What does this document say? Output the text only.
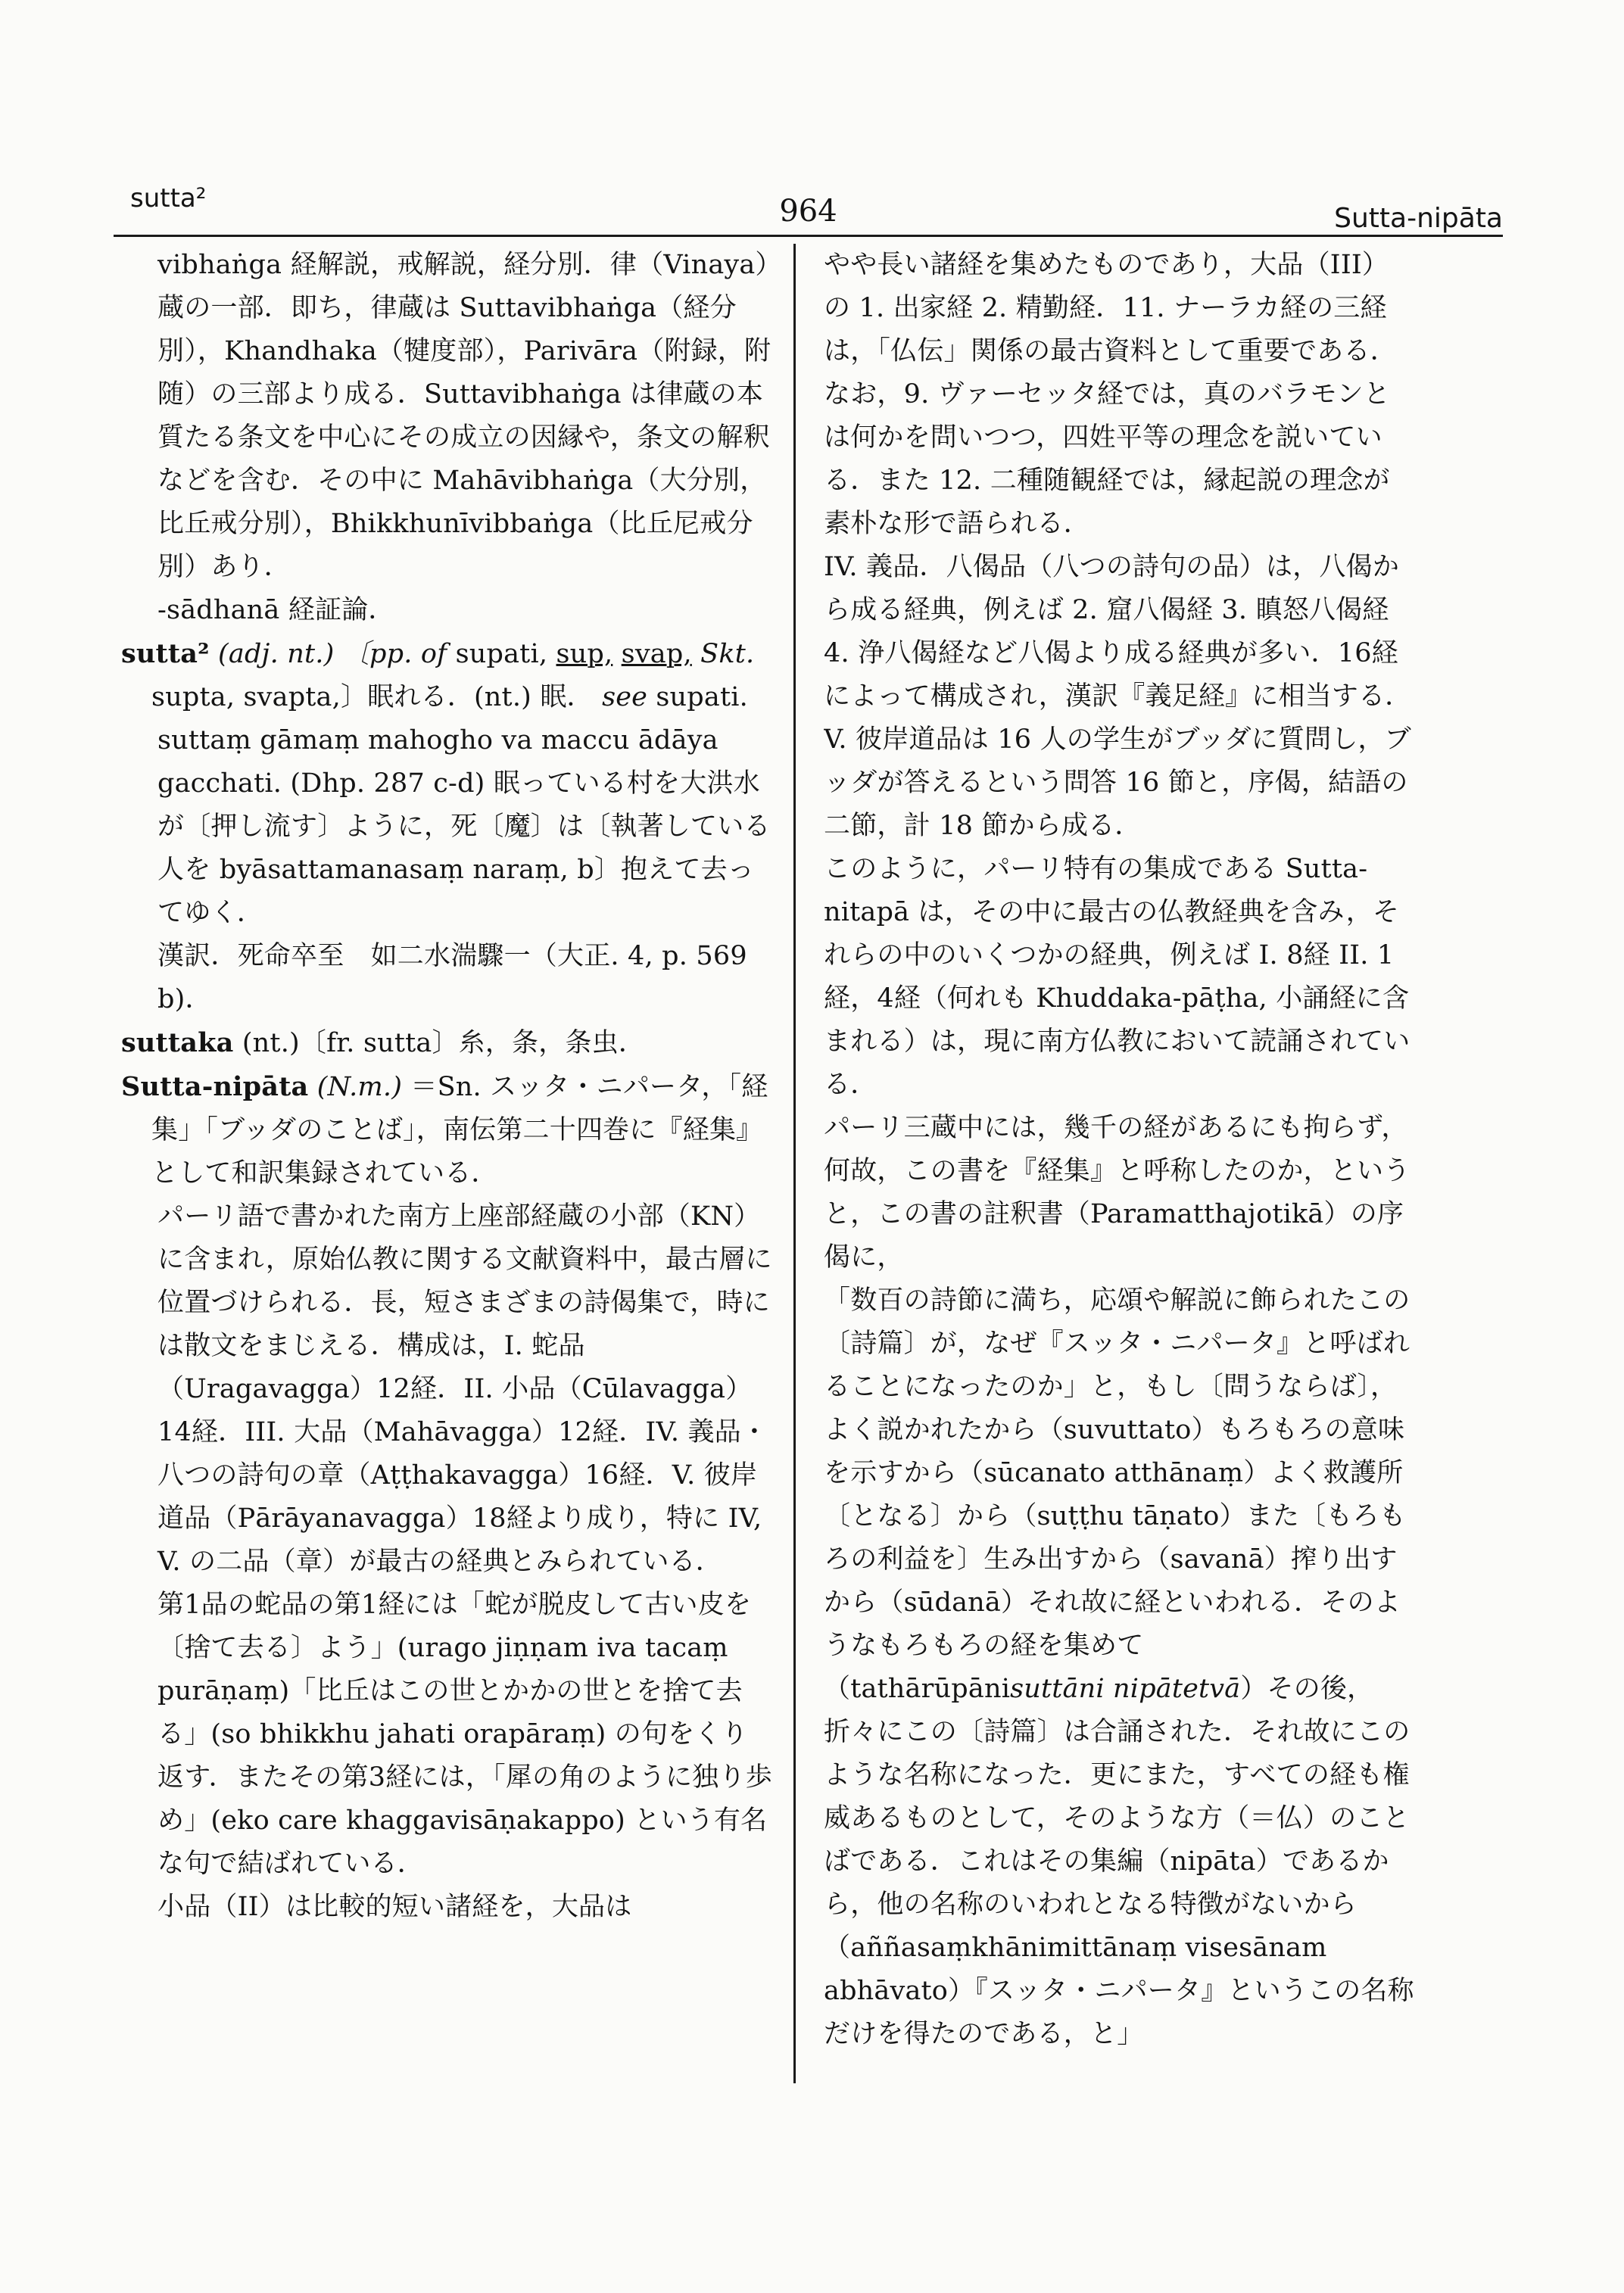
sutta²	964	Sutta-nipāta

vibhaṅga 経解説，戒解説，経分別．律（Vinaya）蔵の一部．即ち，律蔵は Suttavibhaṅga（経分別），Khandhaka（犍度部），Parivāra（附録，附随）の三部より成る．Suttavibhaṅga は律蔵の本質たる条文を中心にその成立の因縁や，条文の解釈などを含む．その中に Mahāvibhaṅga（大分別，比丘戒分別），Bhikkhunīvibbaṅga（比丘尼戒分別）あり．

-sādhanā 経証論．

sutta² (adj. nt.) 〔pp. of supati, sup, svap, Skt. supta, svapta,〕眠れる．(nt.) 眠． see supati.

suttaṃ gāmaṃ mahogho va maccu ādāya gacchati. (Dhp. 287 c-d) 眠っている村を大洪水が〔押し流す〕ように，死〔魔〕は〔執著している人を byāsattamanasaṃ naraṃ, b〕抱えて去ってゆく．

漢訳．死命卒至　如二水湍驟一（大正. 4, p. 569 b)．

suttaka (nt.)〔fr. sutta〕糸，条，条虫．
Sutta-nipāta (N.m.) ＝Sn. スッタ・ニパータ，「経集」「ブッダのことば」，南伝第二十四巻に『経集』として和訳集録されている．

パーリ語で書かれた南方上座部経蔵の小部（KN）に含まれ，原始仏教に関する文献資料中，最古層に位置づけられる．長，短さまざまの詩偈集で，時には散文をまじえる．構成は，I. 蛇品（Uragavagga）12経．II. 小品（Cūlavagga）14経．III. 大品（Mahāvagga）12経．IV. 義品・八つの詩句の章（Aṭṭhakavagga）16経．V. 彼岸道品（Pārāyanavagga）18経より成り，特に IV, V. の二品（章）が最古の経典とみられている．

第1品の蛇品の第1経には「蛇が脱皮して古い皮を〔捨て去る〕よう」(urago jiṇṇam iva tacaṃ purāṇaṃ)「比丘はこの世とかかの世とを捨て去る」(so bhikkhu jahati orapāraṃ) の句をくり返す．またその第3経には，「犀の角のように独り歩め」(eko care khaggavisāṇakappo) という有名な句で結ばれている．

小品（II）は比較的短い諸経を，大品は

やや長い諸経を集めたものであり，大品（III）の 1. 出家経 2. 精勤経．11. ナーラカ経の三経は，「仏伝」関係の最古資料として重要である．なお，9. ヴァーセッタ経では，真のバラモンとは何かを問いつつ，四姓平等の理念を説いている．また 12. 二種随観経では，縁起説の理念が素朴な形で語られる．

IV. 義品．八偈品（八つの詩句の品）は，八偈から成る経典，例えば 2. 窟八偈経 3. 瞋怒八偈経 4. 浄八偈経など八偈より成る経典が多い．16経によって構成され，漢訳『義足経』に相当する．

V. 彼岸道品は 16 人の学生がブッダに質問し，ブッダが答えるという問答 16 節と，序偈，結語の二節，計 18 節から成る．

このように，パーリ特有の集成である Sutta-nitapā は，その中に最古の仏教経典を含み，それらの中のいくつかの経典，例えば I. 8経 II. 1経，4経（何れも Khuddaka-pāṭha, 小誦経に含まれる）は，現に南方仏教において読誦されている．

パーリ三蔵中には，幾千の経があるにも拘らず，何故，この書を『経集』と呼称したのか，というと，この書の註釈書（Paramatthajotikā）の序偈に，

「数百の詩節に満ち，応頌や解説に飾られたこの〔詩篇〕が，なぜ『スッタ・ニパータ』と呼ばれることになったのか」と，もし〔問うならば〕，よく説かれたから（suvuttato）もろもろの意味を示すから（sūcanato atthānaṃ）よく救護所〔となる〕から（suṭṭhu tāṇato）また〔もろもろの利益を〕生み出すから（savanā）搾り出すから（sūdanā）それ故に経といわれる．そのようなもろもろの経を集めて（tathārūpānisuttāni nipātetvā）その後，折々にこの〔詩篇〕は合誦された．それ故にこのような名称になった．更にまた，すべての経も権威あるものとして，そのような方（＝仏）のことばである．これはその集編（nipāta）であるから，他の名称のいわれとなる特徴がないから（aññasaṃkhānimittānaṃ visesānam abhāvato）『スッタ・ニパータ』というこの名称だけを得たのである，と」
